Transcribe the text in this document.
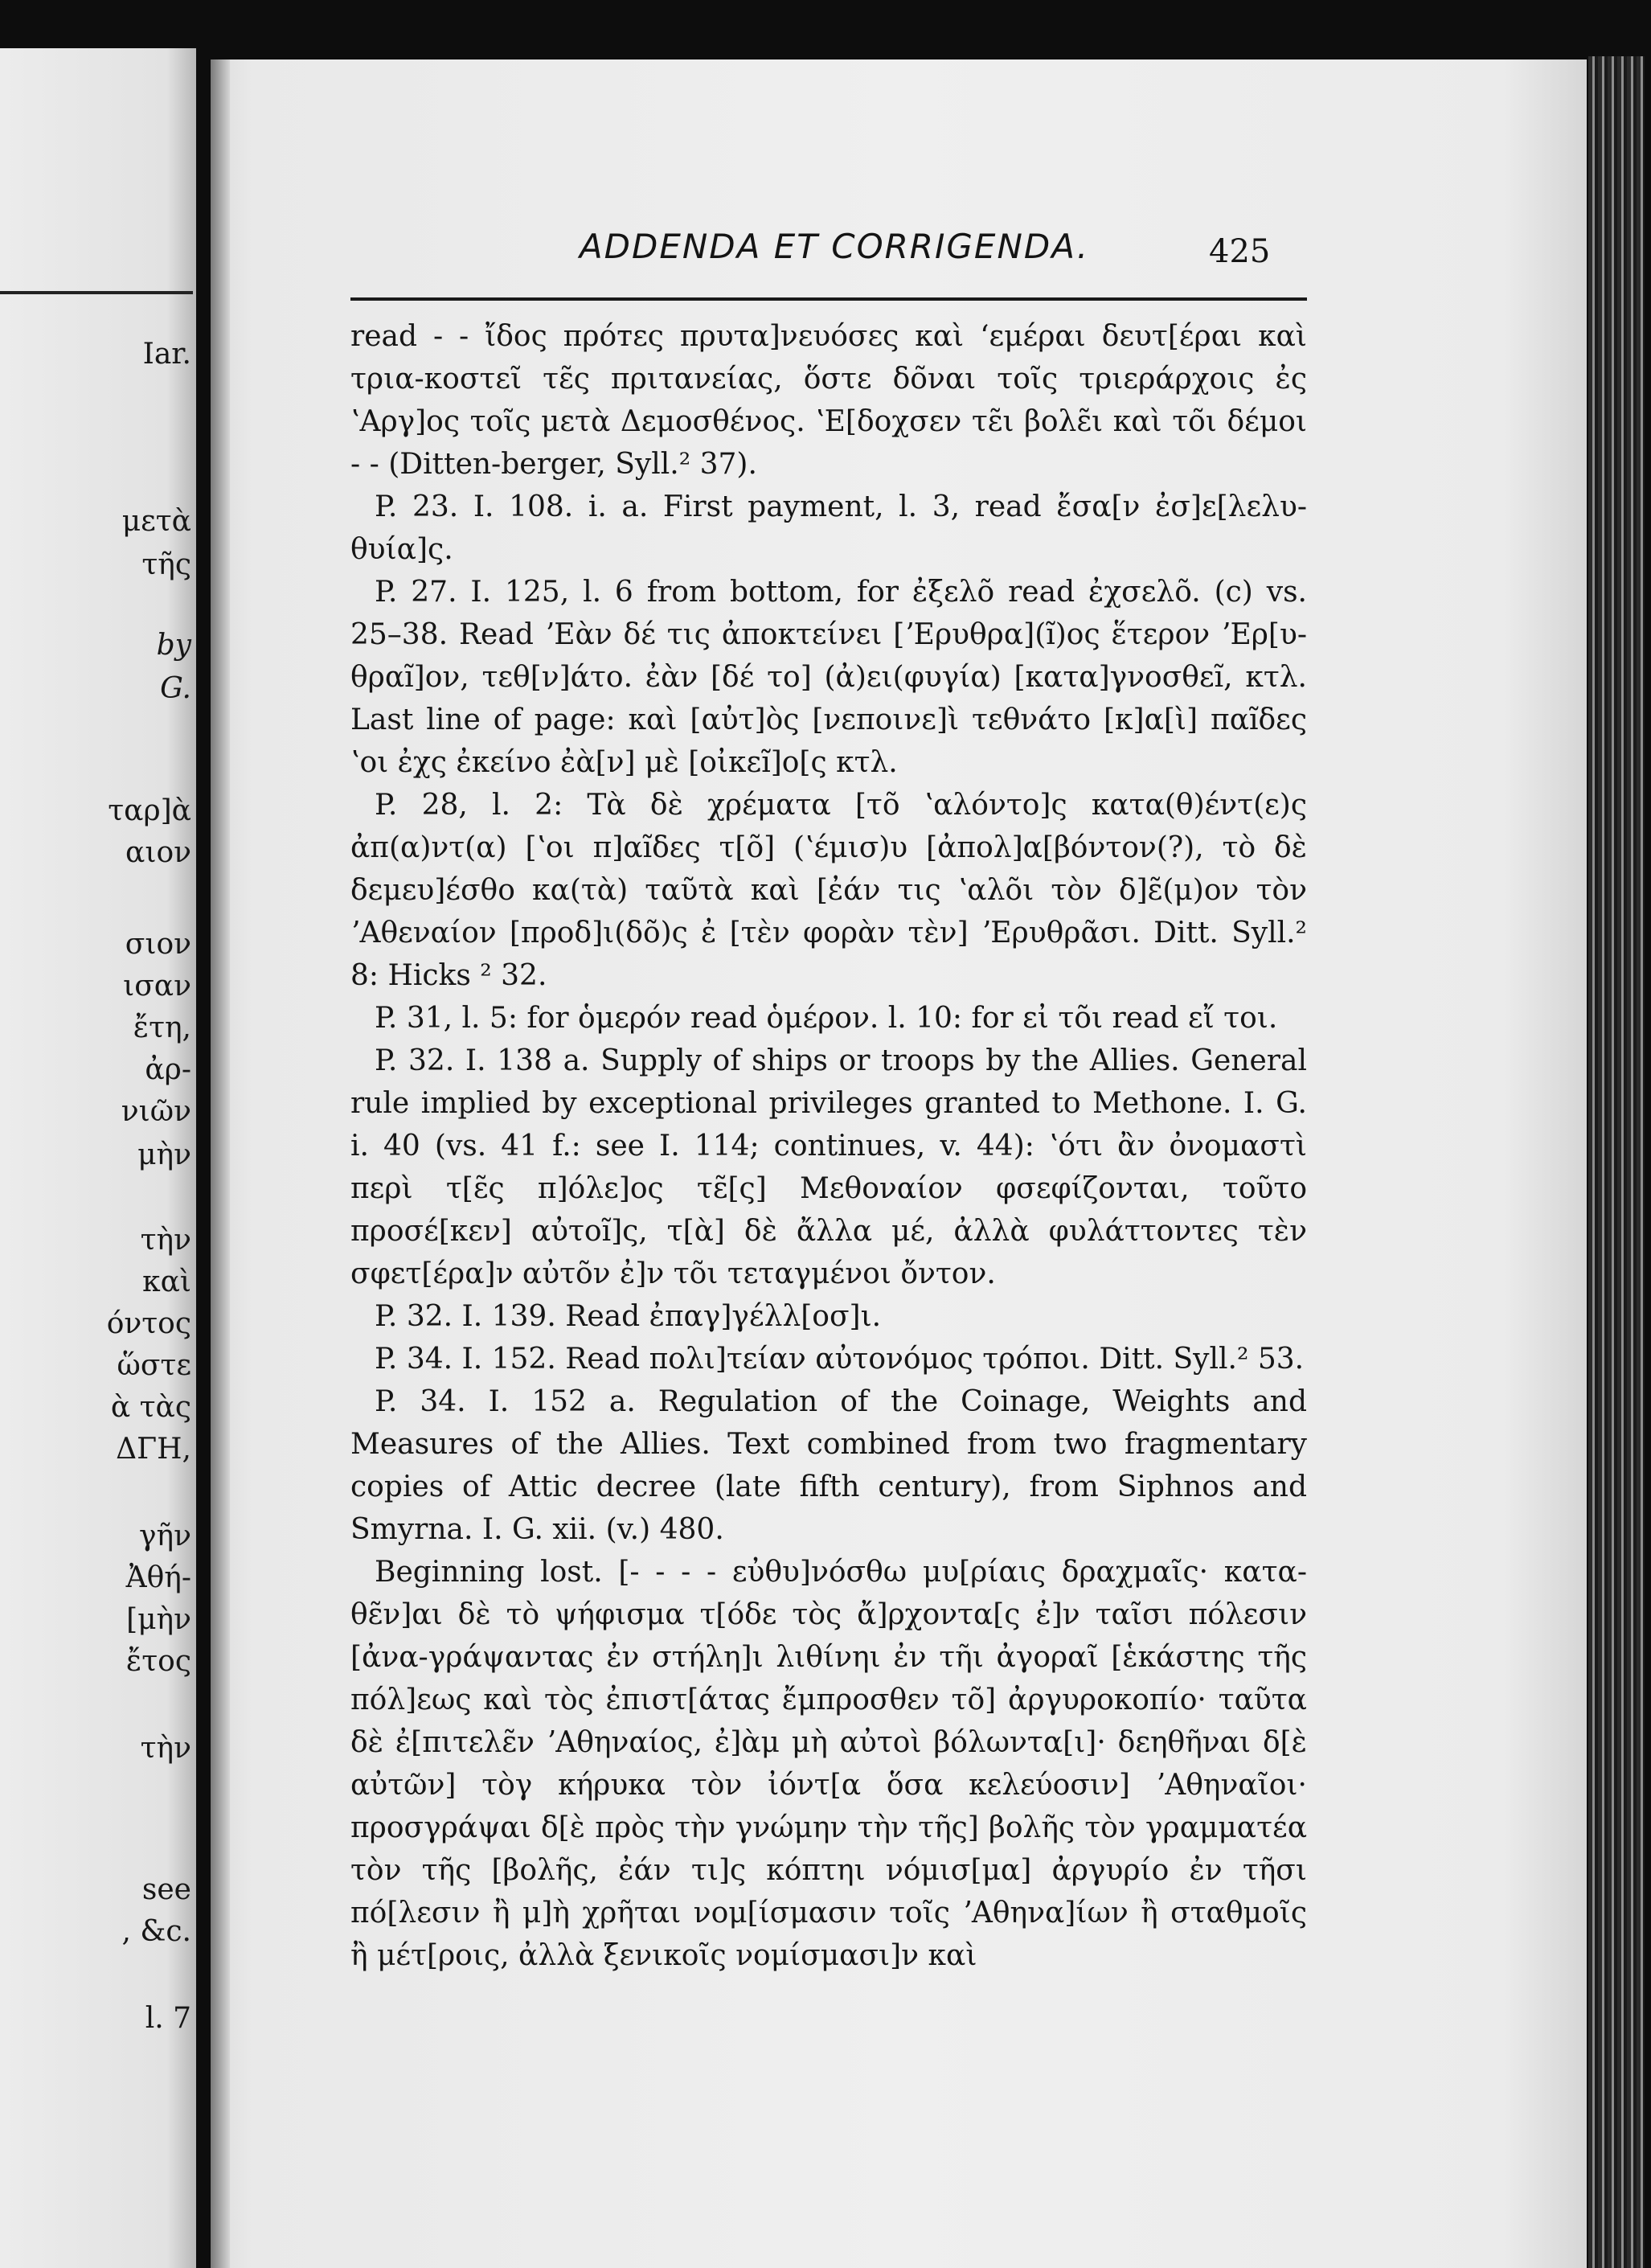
Iar.
μετὰ
τῆς
by
G.
ταρ]ὰ
αιον
σιον
ισαν
ἔτη,
ἀρ-
νιῶν
μὴν
τὴν
καὶ
όντος
ὥστε
ὰ τὰς
ΔΓΗ,
γῆν
Ἀθή-
[μὴν
ἔτος
τὴν
see
, &c.
l. 7
ADDENDA ET CORRIGENDA.	425

read - - ἴδος πρόтες πρυτα]νευόσες καὶ ʻεμέραι δευτ[έραι καὶ τρια-κοστεῖ τε̃ς πριτανείας, ὅστε δο̃ναι τοῖς τριεράρχοις ἐς ʽΑργ]ος τοῖς μετὰ Δεμοσθένος. ʽΕ[δοχσεν τε̃ι βολε̃ι καὶ το̃ι δέμοι - - (Ditten-berger, Syll.² 37).

P. 23. I. 108. i. a. First payment, l. 3, read ἔσα[ν ἐσ]ε[λελυ-θυία]ς.

P. 27. I. 125, l. 6 from bottom, for ἐξελõ read ἐχσελõ. (c) vs. 25–38. Read ʼΕὰν δέ τις ἀποκτείνει [ʼΕρυθρα](ĩ)ος ἕτερον ʼΕρ[υ-θραĩ]ον, τεθ[ν]άτο. ἐὰν [δέ το] (ἀ)ει(φυγία) [κατα]γνοσθεĩ, κτλ. Last line of page: καὶ [αὐτ]ὸς [νεποινε]ὶ τεθνάτο [κ]α[ὶ] παĩδες ʽοι ἐχς ἐκείνο ἐὰ[ν] μὲ [οἰκεĩ]ο[ς κτλ.

P. 28, l. 2: Τὰ δὲ χρέματα [τõ ʽαλόντο]ς κατα(θ)έντ(ε)ς ἀπ(α)ντ(α) [ʽοι π]αĩδες τ[õ] (ʽέμισ)υ [ἀπολ]α[βόντον(?), τὸ δὲ δεμευ]έσθο κα(τὰ) ταῦτὰ καὶ [ἐάν τις ʽαλõι τὸν δ]ε̃(μ)ον τὸν ʼΑθεναίον [προδ]ι(δõ)ς ἐ [τὲν φορὰν τὲν] ʼΕρυθρᾶσι. Ditt. Syll.² 8: Hicks ² 32.

P. 31, l. 5: for ὁμερόν read ὁμέρον. l. 10: for εἰ τõι read εἴ τοι.

P. 32. I. 138 a. Supply of ships or troops by the Allies. General rule implied by exceptional privileges granted to Methone. I. G. i. 40 (vs. 41 f.: see I. 114; continues, v. 44): ʽότι ἂν ὀνομαστὶ περὶ τ[ε̃ς π]όλε]ος τε̃[ς] Μεθοναίον φσεφίζονται, τοῦτο προσέ[κεν] αὐτοĩ]ς, τ[ὰ] δὲ ἄλλα μέ, ἀλλὰ φυλάττοντες τὲν σφετ[έρα]ν αὐτõν ἐ]ν τõι τεταγμένοι ὄντον.

P. 32. I. 139. Read ἐπαγ]γέλλ[οσ]ι.

P. 34. I. 152. Read πολι]τείαν αὐτονόμος τρόποι. Ditt. Syll.² 53.

P. 34. I. 152 a. Regulation of the Coinage, Weights and Measures of the Allies. Text combined from two fragmentary copies of Attic decree (late fifth century), from Siphnos and Smyrna. I. G. xii. (v.) 480.

Beginning lost. [- - - - εὐθυ]νόσθω μυ[ρίαις δραχμαῖς· κατα-θε̃ν]αι δὲ τὸ ψήφισμα τ[όδε τὸς ἄ]ρχοντα[ς ἐ]ν ταῖσι πόλεσιν [ἀνα-γράψαντας ἐν στήλη]ι λιθίνηι ἐν τῆι ἀγοραῖ [ἑκάστης τῆς πόλ]εως καὶ τὸς ἐπιστ[άτας ἔμπροσθεν τõ] ἀργυροκοπίο· ταῦτα δὲ ἐ[πιτελε̃ν ʼΑθηναίος, ἐ]ὰμ μὴ αὐτοὶ βόλωντα[ι]· δεηθῆναι δ[ὲ αὐτῶν] τὸγ κήρυκα τὸν ἰόντ[α ὅσα κελεύοσιν] ʼΑθηναῖοι· προσγράψαι δ[ὲ πρὸς τὴν γνώμην τὴν τῆς] βολῆς τὸν γραμματέα τὸν τῆς [βολῆς, ἐάν τι]ς κόπτηι νόμισ[μα] ἀργυρίο ἐν τῆσι πό[λεσιν ἢ μ]ὴ χρῆται νομ[ίσμασιν τοῖς ʼΑθηνα]ίων ἢ σταθμοῖς ἢ μέτ[ροις, ἀλλὰ ξενικοῖς νομίσμασι]ν καὶ
